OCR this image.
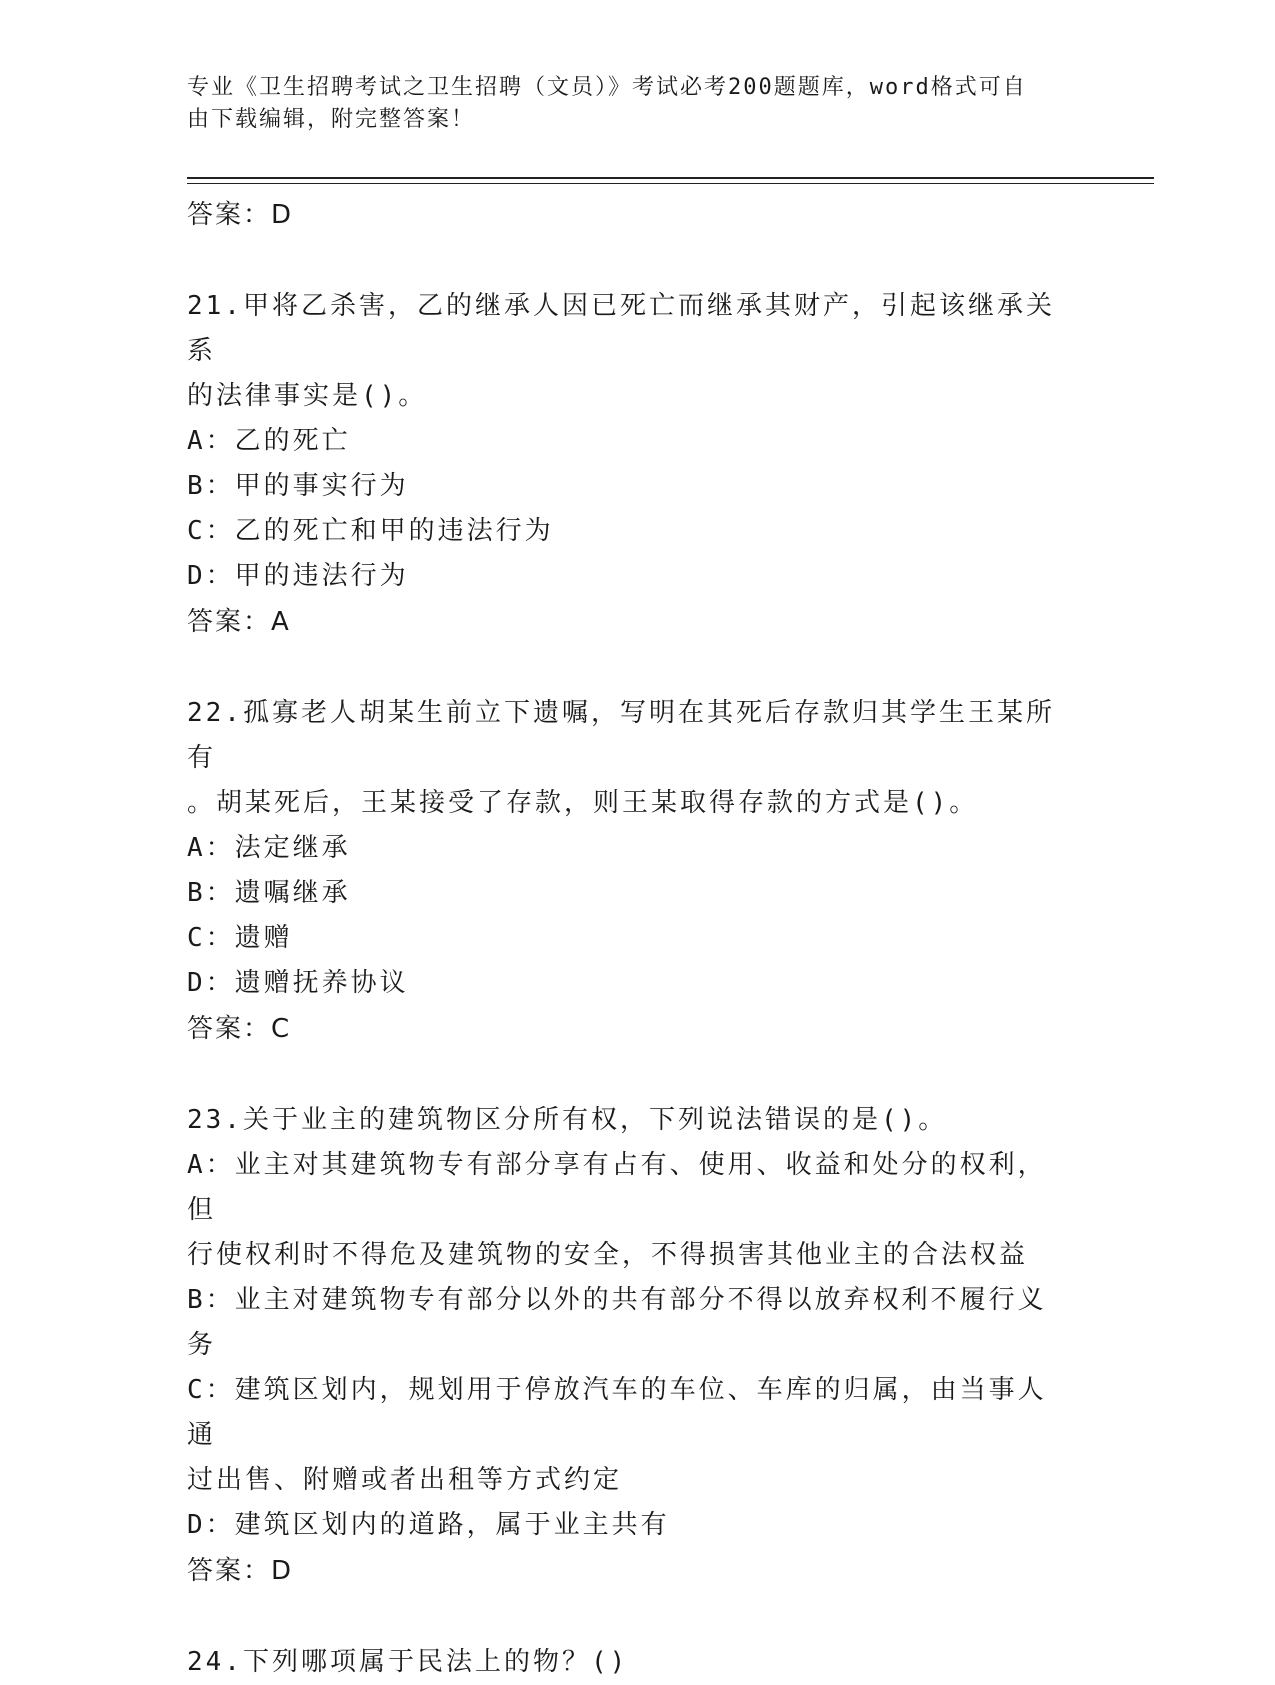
专业《卫生招聘考试之卫生招聘（文员）》考试必考200题题库，word格式可自
由下载编辑，附完整答案！
答案：D
21.甲将乙杀害，乙的继承人因已死亡而继承其财产，引起该继承关系
的法律事实是()。
A：乙的死亡
B：甲的事实行为
C：乙的死亡和甲的违法行为
D：甲的违法行为
答案：A
22.孤寡老人胡某生前立下遗嘱，写明在其死后存款归其学生王某所有
。胡某死后，王某接受了存款，则王某取得存款的方式是()。
A：法定继承
B：遗嘱继承
C：遗赠
D：遗赠抚养协议
答案：C
23.关于业主的建筑物区分所有权，下列说法错误的是()。
A：业主对其建筑物专有部分享有占有、使用、收益和处分的权利，但
行使权利时不得危及建筑物的安全，不得损害其他业主的合法权益
B：业主对建筑物专有部分以外的共有部分不得以放弃权利不履行义务
C：建筑区划内，规划用于停放汽车的车位、车库的归属，由当事人通
过出售、附赠或者出租等方式约定
D：建筑区划内的道路，属于业主共有
答案：D
24.下列哪项属于民法上的物？()
